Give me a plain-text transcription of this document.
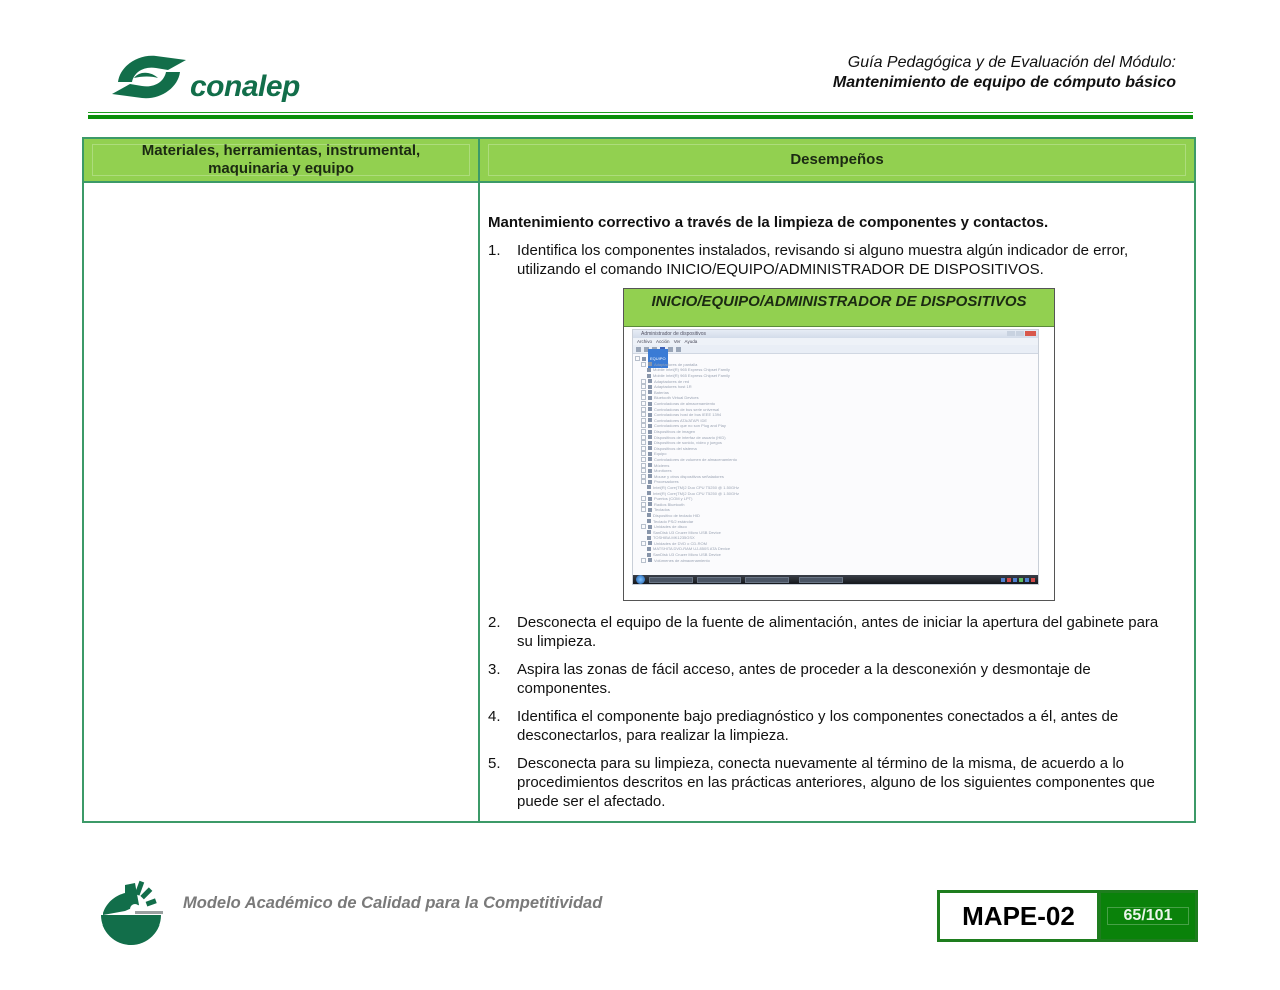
conalep
Guía Pedagógica y de Evaluación del Módulo:
Mantenimiento de equipo de cómputo básico
Materiales, herramientas, instrumental, maquinaria y equipo
Desempeños

Mantenimiento correctivo a través de la limpieza de componentes y contactos.

1.	Identifica los componentes instalados, revisando si alguno muestra algún indicador de error, utilizando el comando INICIO/EQUIPO/ADMINISTRADOR DE DISPOSITIVOS.
INICIO/EQUIPO/ADMINISTRADOR DE DISPOSITIVOS
Administrador de dispositivos
Archivo Acción Ver Ayuda
EQUIPO
Adaptadores de pantalla
Mobile Intel(R) 965 Express Chipset Family
Mobile Intel(R) 965 Express Chipset Family
Adaptadores de red
Adaptadores host 1R
Baterías
Bluetooth Virtual Devices
Controladoras de almacenamiento
Controladoras de bus serie universal
Controladoras host de bus IEEE 1394
Controladores ATA/ATAPI IDE
Controladores que no son Plug and Play
Dispositivos de imagen
Dispositivos de interfaz de usuario (HID)
Dispositivos de sonido, vídeo y juegos
Dispositivos del sistema
Equipo
Controladores de volumen de almacenamiento
Módems
Monitores
Mouse y otros dispositivos señaladores
Procesadores
Intel(R) Core(TM)2 Duo CPU T5250 @ 1.50GHz
Intel(R) Core(TM)2 Duo CPU T5250 @ 1.50GHz
Puertos (COM y LPT)
Radios Bluetooth
Teclados
Dispositivo de teclado HID
Teclado PS/2 estándar
Unidades de disco
SanDisk U3 Cruzer Micro USB Device
TOSHIBA MK1235GSX
Unidades de DVD o CD-ROM
MATSHITA DVD-RAM UJ-850S ATA Device
SanDisk U3 Cruzer Micro USB Device
Volúmenes de almacenamiento
2.	Desconecta el equipo de la fuente de alimentación, antes de iniciar la apertura del gabinete para su limpieza.
3.	Aspira las zonas de fácil acceso, antes de proceder a la desconexión y desmontaje de componentes.
4.	Identifica el componente bajo prediagnóstico y los componentes conectados a él, antes de desconectarlos, para realizar la limpieza.
5.	Desconecta para su limpieza, conecta nuevamente al término de la misma, de acuerdo a lo procedimientos descritos en las prácticas anteriores, alguno de los siguientes componentes que puede ser el afectado.
Modelo Académico de Calidad para la Competitividad	MAPE-02	65/101
